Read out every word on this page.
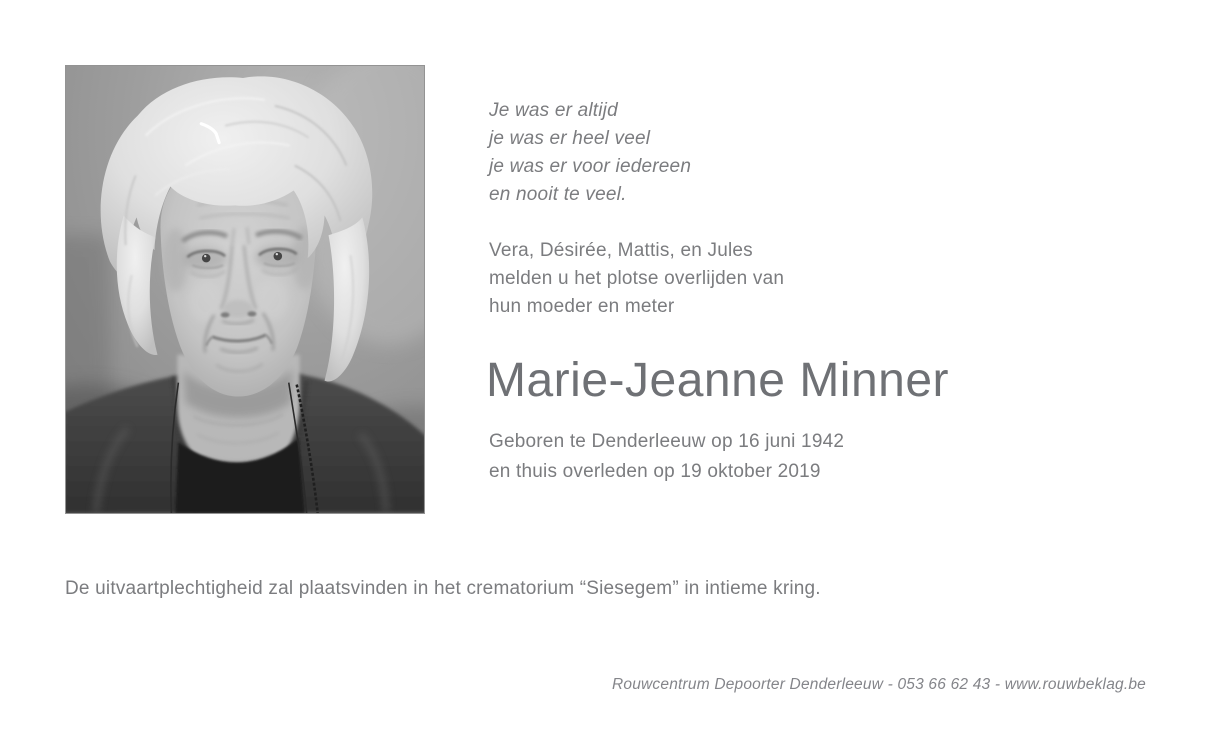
Je was er altijd
je was er heel veel
je was er voor iedereen
en nooit te veel.
Vera, Désirée, Mattis, en Jules
melden u het plotse overlijden van
hun moeder en meter
Marie-Jeanne Minner
Geboren te Denderleeuw op 16 juni 1942
en thuis overleden op 19 oktober 2019
De uitvaartplechtigheid zal plaatsvinden in het crematorium “Siesegem” in intieme kring.
Rouwcentrum Depoorter Denderleeuw - 053 66 62 43 - www.rouwbeklag.be
